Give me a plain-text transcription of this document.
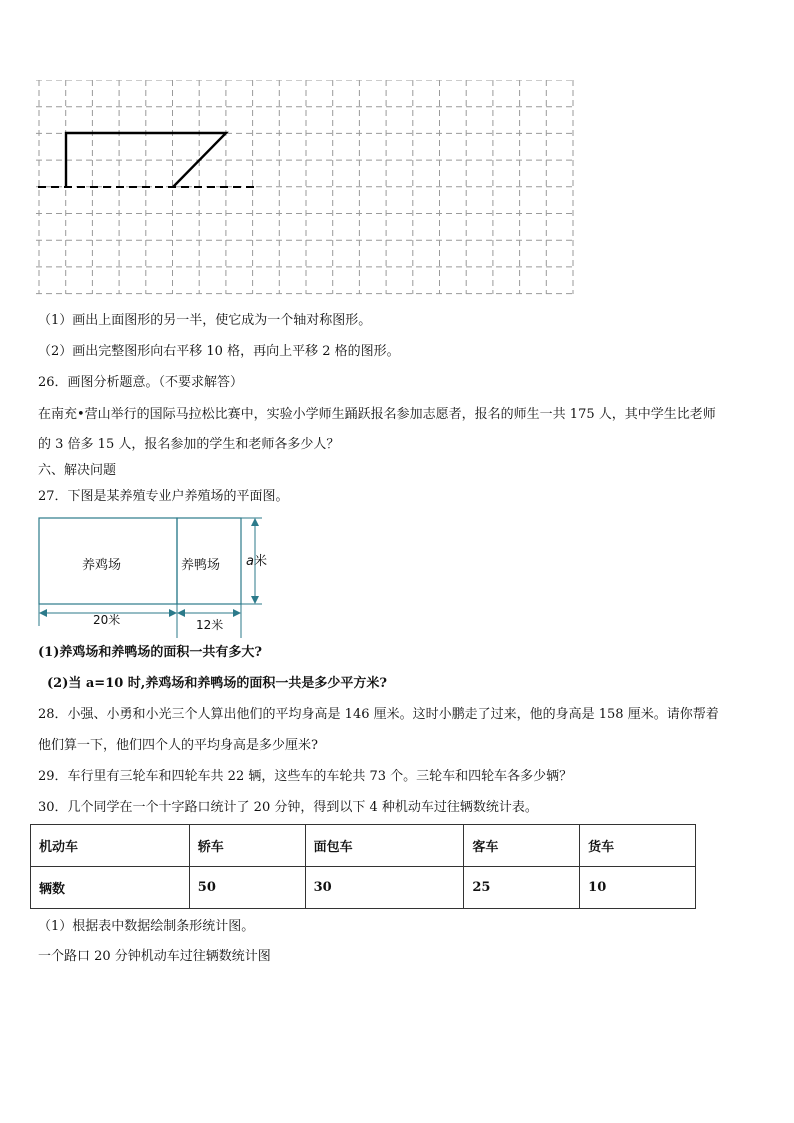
（1）画出上面图形的另一半，使它成为一个轴对称图形。
（2）画出完整图形向右平移 10 格，再向上平移 2 格的图形。
26．画图分析题意。（不要求解答）
在南充•营山举行的国际马拉松比赛中，实验小学师生踊跃报名参加志愿者，报名的师生一共 175 人，其中学生比老师
的 3 倍多 15 人，报名参加的学生和老师各多少人？
六、解决问题
27．下图是某养殖专业户养殖场的平面图。
养鸡场	养鸭场
20米	12米
a米
(1)养鸡场和养鸭场的面积一共有多大?
(2)当 a=10 时,养鸡场和养鸭场的面积一共是多少平方米?
28．小强、小勇和小光三个人算出他们的平均身高是 146 厘米。这时小鹏走了过来，他的身高是 158 厘米。请你帮着
他们算一下，他们四个人的平均身高是多少厘米?
29．车行里有三轮车和四轮车共 22 辆，这些车的车轮共 73 个。三轮车和四轮车各多少辆？
30．几个同学在一个十字路口统计了 20 分钟，得到以下 4 种机动车过往辆数统计表。
机动车	轿车	面包车	客车	货车
辆数	50	30	25	10
（1）根据表中数据绘制条形统计图。
一个路口 20 分钟机动车过往辆数统计图
